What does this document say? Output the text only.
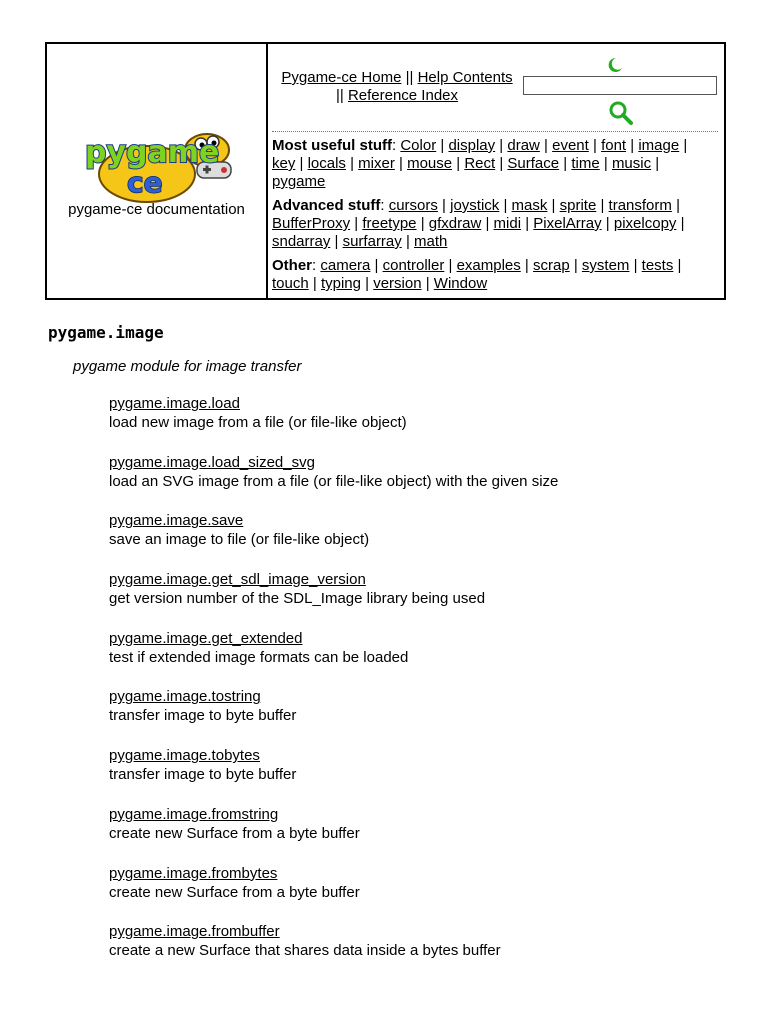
pygame
ce
pygame-ce documentation
Pygame-ce Home || Help Contents
|| Reference Index

Most useful stuff: Color | display | draw | event | font | image | key | locals | mixer | mouse | Rect | Surface | time | music | pygame

Advanced stuff: cursors | joystick | mask | sprite | transform | BufferProxy | freetype | gfxdraw | midi | PixelArray | pixelcopy | sndarray | surfarray | math

Other: camera | controller | examples | scrap | system | tests | touch | typing | version | Window

pygame.image
pygame module for image transfer
pygame.image.load
load new image from a file (or file-like object)
pygame.image.load_sized_svg
load an SVG image from a file (or file-like object) with the given size
pygame.image.save
save an image to file (or file-like object)
pygame.image.get_sdl_image_version
get version number of the SDL_Image library being used
pygame.image.get_extended
test if extended image formats can be loaded
pygame.image.tostring
transfer image to byte buffer
pygame.image.tobytes
transfer image to byte buffer
pygame.image.fromstring
create new Surface from a byte buffer
pygame.image.frombytes
create new Surface from a byte buffer
pygame.image.frombuffer
create a new Surface that shares data inside a bytes buffer
